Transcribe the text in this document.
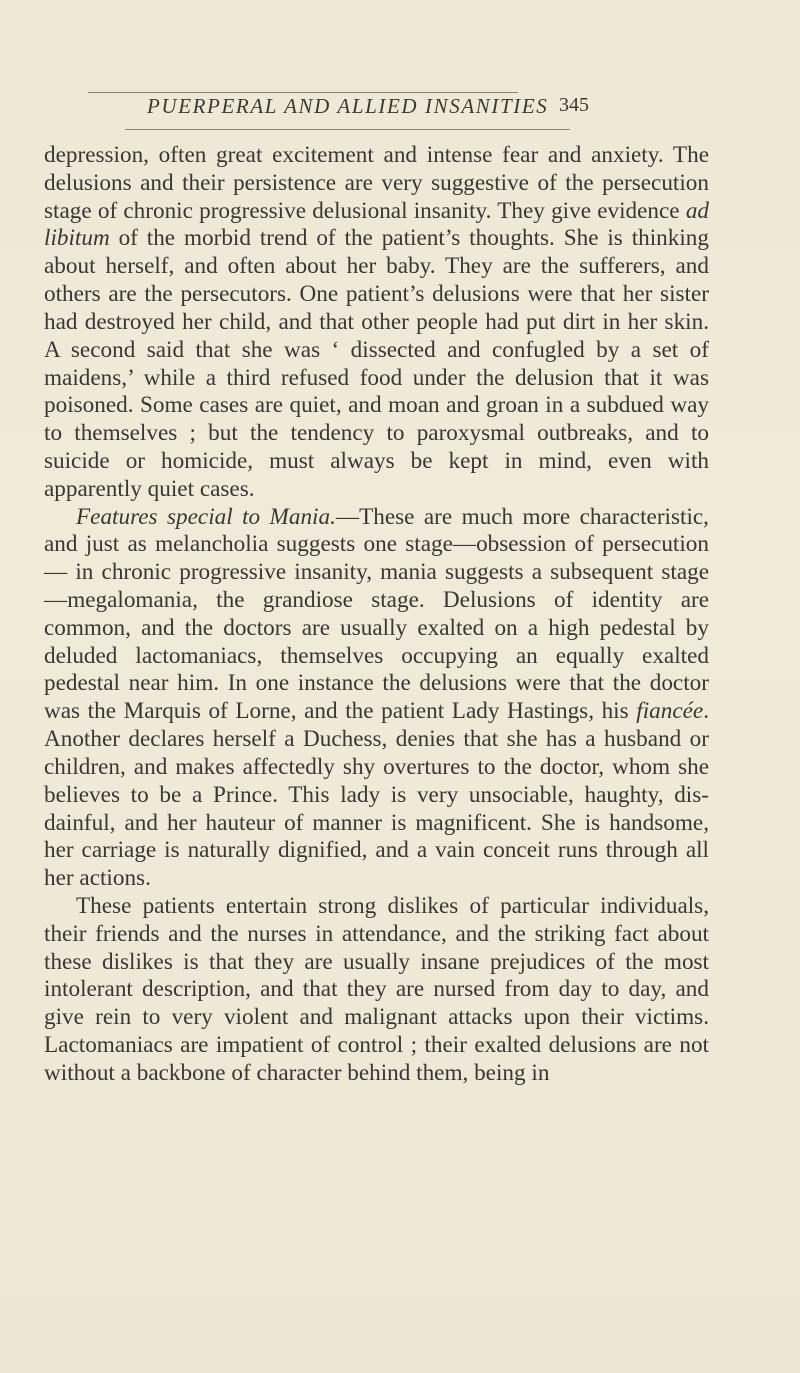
PUERPERAL AND ALLIED INSANITIES 345

depression, often great excitement and intense fear and anxiety. The delusions and their persistence are very suggestive of the persecution stage of chronic progressive delusional insanity. They give evidence ad libitum of the morbid trend of the patient’s thoughts. She is thinking about herself, and often about her baby. They are the sufferers, and others are the persecutors. One patient’s delusions were that her sister had destroyed her child, and that other people had put dirt in her skin. A second said that she was ‘ dissected and confugled by a set of maidens,’ while a third refused food under the delusion that it was poisoned. Some cases are quiet, and moan and groan in a subdued way to themselves ; but the tendency to paroxysmal outbreaks, and to suicide or homicide, must always be kept in mind, even with apparently quiet cases.

Features special to Mania.—These are much more characteristic, and just as melancholia suggests one stage—obsession of persecution — in chronic progressive insanity, mania suggests a subsequent stage—megalomania, the grandiose stage. Delusions of identity are common, and the doctors are usually exalted on a high pedestal by deluded lactomaniacs, themselves occupying an equally exalted pedestal near him. In one instance the delusions were that the doctor was the Marquis of Lorne, and the patient Lady Hastings, his fiancée. Another declares herself a Duchess, denies that she has a husband or children, and makes affectedly shy overtures to the doctor, whom she believes to be a Prince. This lady is very unsociable, haughty, disdainful, and her hauteur of manner is magnificent. She is handsome, her carriage is naturally dignified, and a vain conceit runs through all her actions.

These patients entertain strong dislikes of particular individuals, their friends and the nurses in attendance, and the striking fact about these dislikes is that they are usually insane prejudices of the most intolerant description, and that they are nursed from day to day, and give rein to very violent and malignant attacks upon their victims. Lactomaniacs are impatient of control ; their exalted delusions are not without a backbone of character behind them, being in
